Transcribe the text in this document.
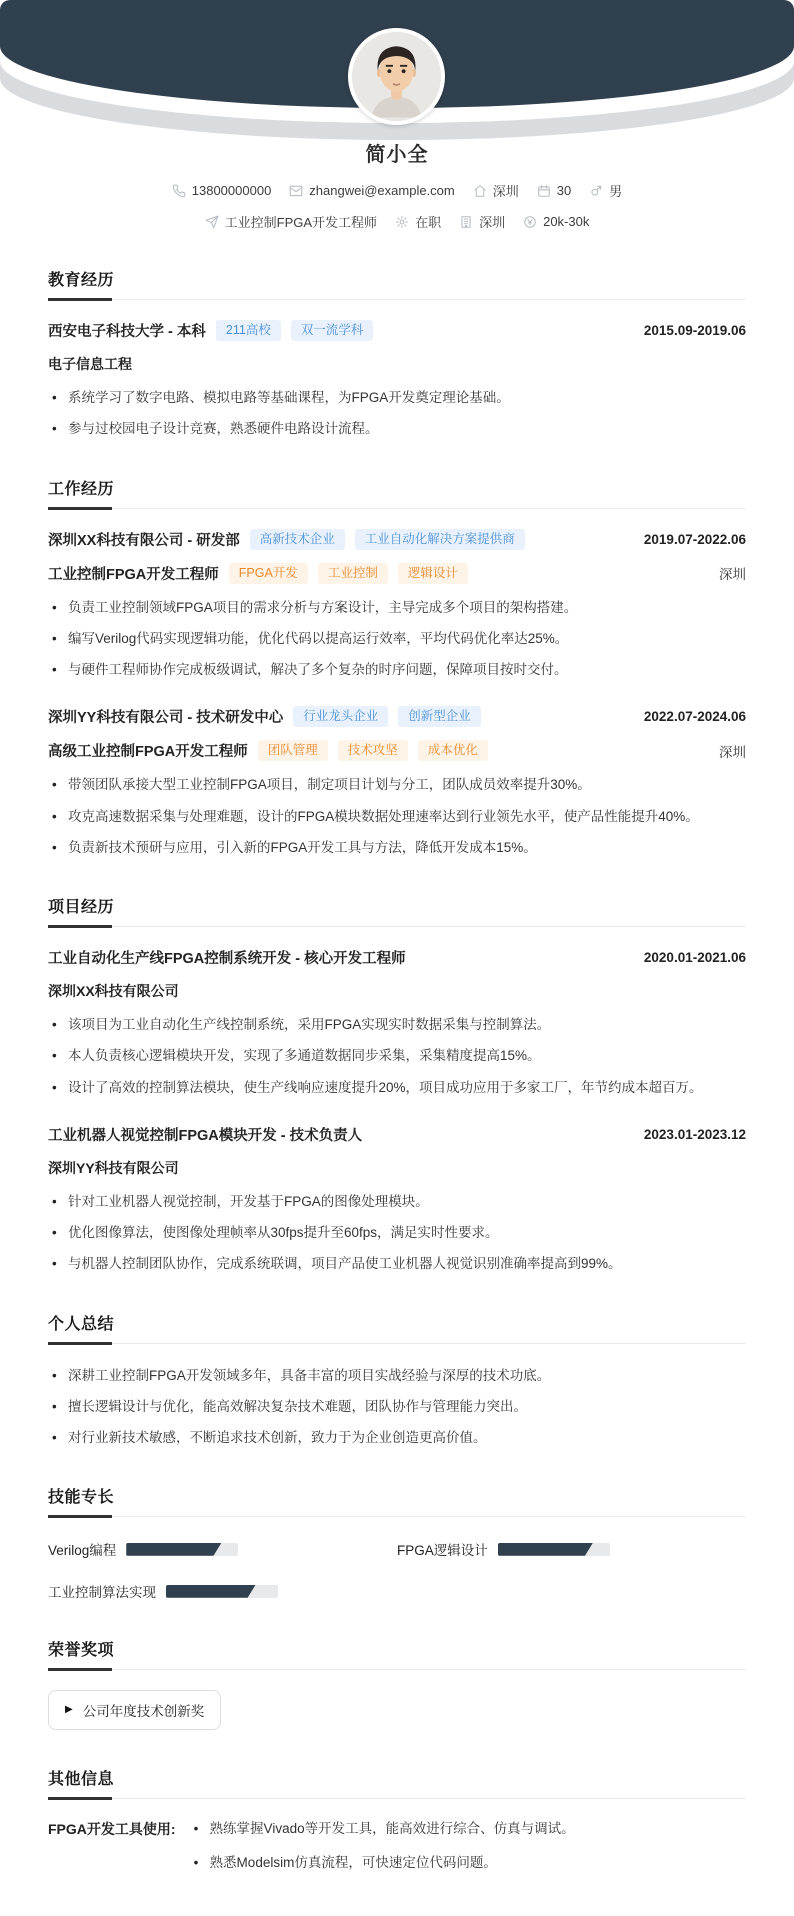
简小全
13800000000	zhangwei@example.com	深圳	30	男
工业控制FPGA开发工程师	在职	深圳	20k-30k
教育经历
西安电子科技大学 - 本科	211高校	双一流学科	2015.09-2019.06
电子信息工程
• 系统学习了数字电路、模拟电路等基础课程，为FPGA开发奠定理论基础。
• 参与过校园电子设计竞赛，熟悉硬件电路设计流程。
工作经历
深圳XX科技有限公司 - 研发部	高新技术企业	工业自动化解决方案提供商	2019.07-2022.06
工业控制FPGA开发工程师	FPGA开发	工业控制	逻辑设计	深圳
• 负责工业控制领域FPGA项目的需求分析与方案设计，主导完成多个项目的架构搭建。
• 编写Verilog代码实现逻辑功能，优化代码以提高运行效率，平均代码优化率达25%。
• 与硬件工程师协作完成板级调试，解决了多个复杂的时序问题，保障项目按时交付。
深圳YY科技有限公司 - 技术研发中心	行业龙头企业	创新型企业	2022.07-2024.06
高级工业控制FPGA开发工程师	团队管理	技术攻坚	成本优化	深圳
• 带领团队承接大型工业控制FPGA项目，制定项目计划与分工，团队成员效率提升30%。
• 攻克高速数据采集与处理难题，设计的FPGA模块数据处理速率达到行业领先水平，使产品性能提升40%。
• 负责新技术预研与应用，引入新的FPGA开发工具与方法，降低开发成本15%。
项目经历
工业自动化生产线FPGA控制系统开发 - 核心开发工程师	2020.01-2021.06
深圳XX科技有限公司
• 该项目为工业自动化生产线控制系统，采用FPGA实现实时数据采集与控制算法。
• 本人负责核心逻辑模块开发，实现了多通道数据同步采集，采集精度提高15%。
• 设计了高效的控制算法模块，使生产线响应速度提升20%，项目成功应用于多家工厂，年节约成本超百万。
工业机器人视觉控制FPGA模块开发 - 技术负责人	2023.01-2023.12
深圳YY科技有限公司
• 针对工业机器人视觉控制，开发基于FPGA的图像处理模块。
• 优化图像算法，使图像处理帧率从30fps提升至60fps，满足实时性要求。
• 与机器人控制团队协作，完成系统联调，项目产品使工业机器人视觉识别准确率提高到99%。
个人总结
• 深耕工业控制FPGA开发领域多年，具备丰富的项目实战经验与深厚的技术功底。
• 擅长逻辑设计与优化，能高效解决复杂技术难题，团队协作与管理能力突出。
• 对行业新技术敏感，不断追求技术创新，致力于为企业创造更高价值。
技能专长
Verilog编程	FPGA逻辑设计
工业控制算法实现
荣誉奖项
▶ 公司年度技术创新奖
其他信息
FPGA开发工具使用:	• 熟练掌握Vivado等开发工具，能高效进行综合、仿真与调试。
• 熟悉Modelsim仿真流程，可快速定位代码问题。
